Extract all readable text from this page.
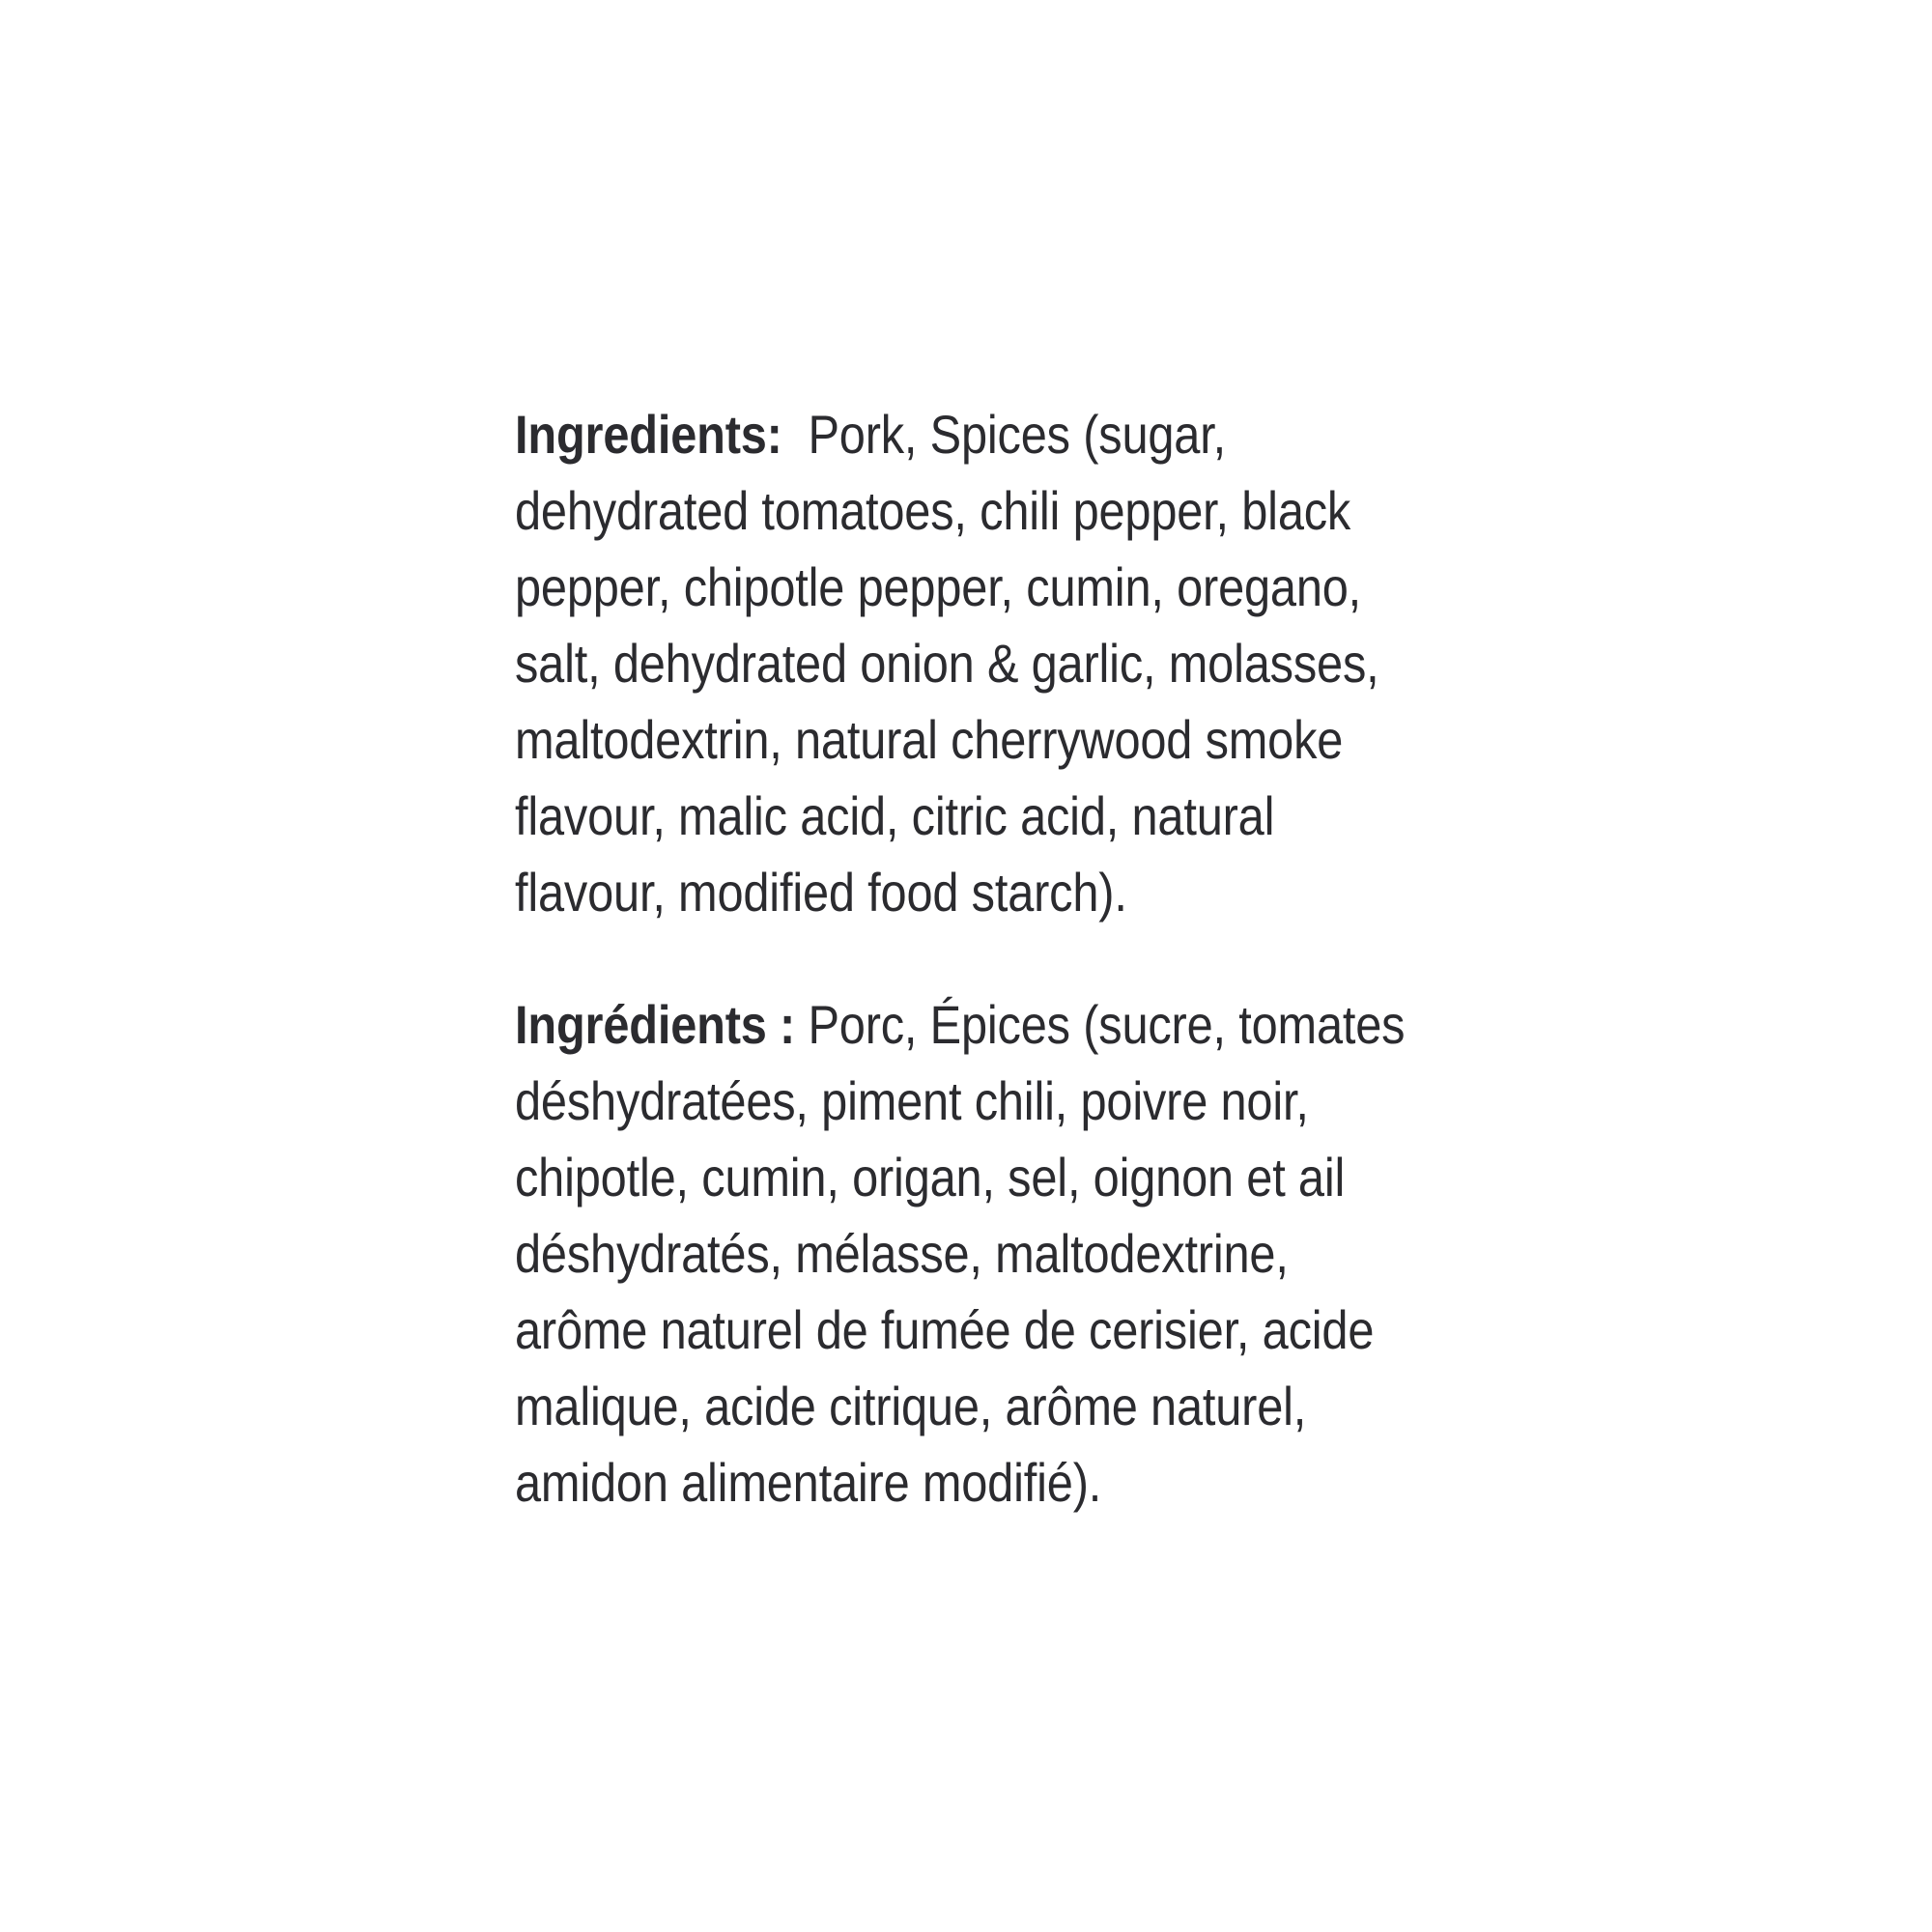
Ingredients:  Pork, Spices (sugar,
dehydrated tomatoes, chili pepper, black
pepper, chipotle pepper, cumin, oregano,
salt, dehydrated onion & garlic, molasses,
maltodextrin, natural cherrywood smoke
flavour, malic acid, citric acid, natural
flavour, modified food starch).

Ingrédients : Porc, Épices (sucre, tomates
déshydratées, piment chili, poivre noir,
chipotle, cumin, origan, sel, oignon et ail
déshydratés, mélasse, maltodextrine,
arôme naturel de fumée de cerisier, acide
malique, acide citrique, arôme naturel,
amidon alimentaire modifié).
